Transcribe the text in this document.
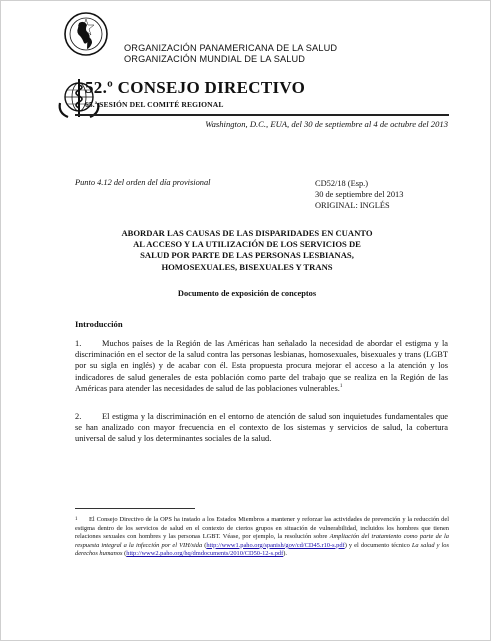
ORGANIZACIÓN PANAMERICANA DE LA SALUD
ORGANIZACIÓN MUNDIAL DE LA SALUD
52.º CONSEJO DIRECTIVO
65.ª SESIÓN DEL COMITÉ REGIONAL
Washington, D.C., EUA, del 30 de septiembre al 4 de octubre del 2013
Punto 4.12 del orden del día provisional	CD52/18 (Esp.)
30 de septiembre del 2013
ORIGINAL: INGLÉS
ABORDAR LAS CAUSAS DE LAS DISPARIDADES EN CUANTO
AL ACCESO Y LA UTILIZACIÓN DE LOS SERVICIOS DE
SALUD POR PARTE DE LAS PERSONAS LESBIANAS,
HOMOSEXUALES, BISEXUALES Y TRANS
Documento de exposición de conceptos
Introducción
1. Muchos países de la Región de las Américas han señalado la necesidad de abordar el estigma y la discriminación en el sector de la salud contra las personas lesbianas, homosexuales, bisexuales y trans (LGBT por su sigla en inglés) y de acabar con él. Esta propuesta procura mejorar el acceso a la atención y los indicadores de salud generales de esta población como parte del trabajo que se realiza en la Región de las Américas para atender las necesidades de salud de las poblaciones vulnerables.$^1$
2. El estigma y la discriminación en el entorno de atención de salud son inquietudes fundamentales que se han analizado con mayor frecuencia en el contexto de los sistemas y servicios de salud, la cobertura universal de salud y los determinantes sociales de la salud.
1 El Consejo Directivo de la OPS ha instado a los Estados Miembros a mantener y reforzar las actividades de prevención y la reducción del estigma dentro de los servicios de salud en el contexto de ciertos grupos en situación de vulnerabilidad, incluidos los hombres que tienen relaciones sexuales con hombres y las personas LGBT. Véase, por ejemplo, la resolución sobre Ampliación del tratamiento como parte de la respuesta integral a la infección por el VIH/sida (http://www1.paho.org/spanish/gov/cd/CD45.r10-s.pdf) y el documento técnico La salud y los derechos humanos (http://www2.paho.org/hq/dmdocuments/2010/CD50-12-s.pdf).
